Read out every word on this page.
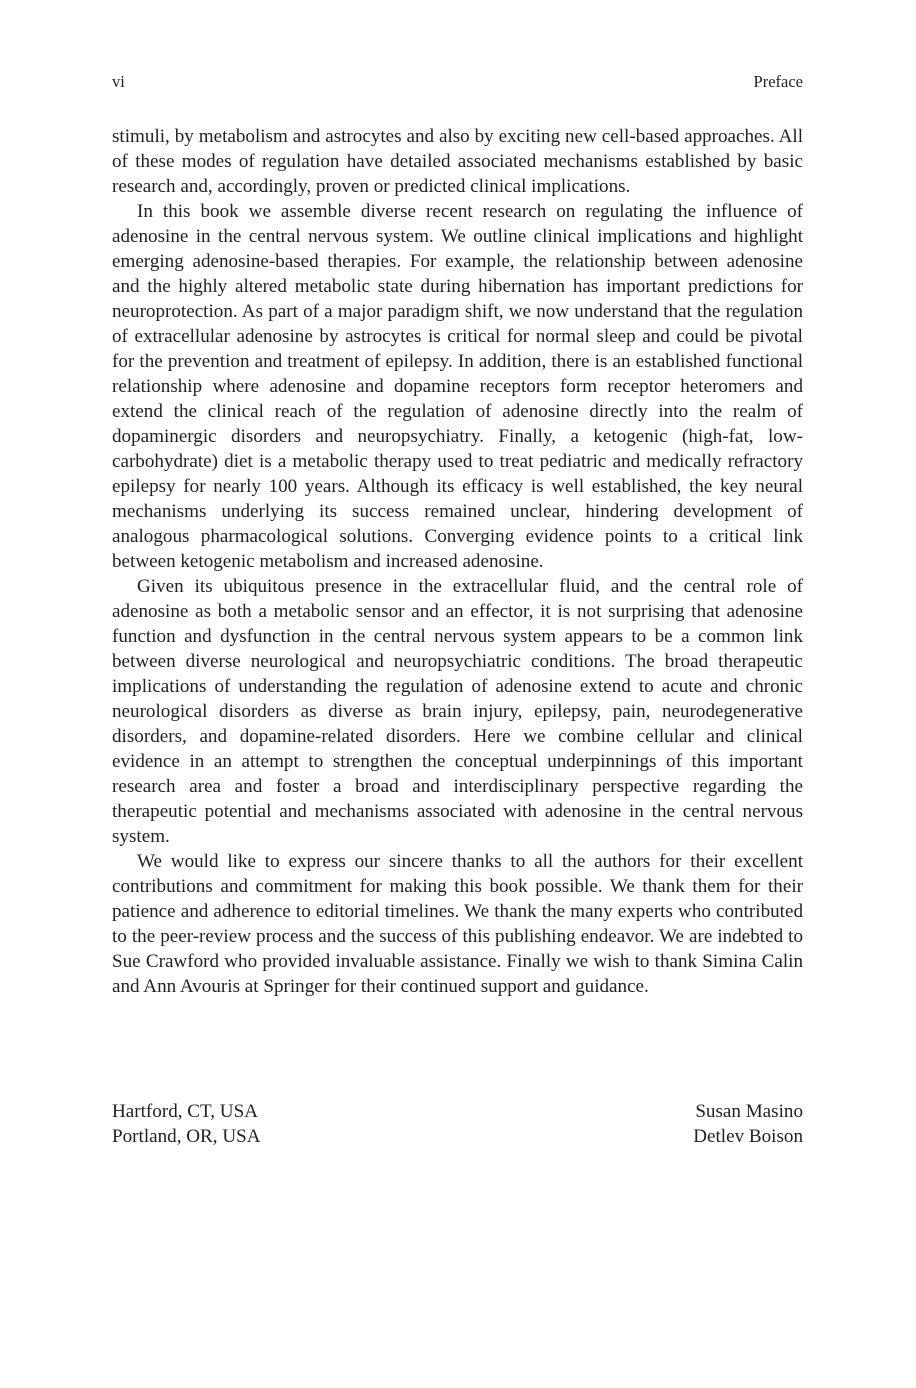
vi	Preface

stimuli, by metabolism and astrocytes and also by exciting new cell-based approaches. All of these modes of regulation have detailed associated mechanisms established by basic research and, accordingly, proven or predicted clinical implications.

In this book we assemble diverse recent research on regulating the influence of adenosine in the central nervous system. We outline clinical implications and highlight emerging adenosine-based therapies. For example, the relationship between adenosine and the highly altered metabolic state during hibernation has important predictions for neuroprotection. As part of a major paradigm shift, we now understand that the regulation of extracellular adenosine by astrocytes is critical for normal sleep and could be pivotal for the prevention and treatment of epilepsy. In addition, there is an established functional relationship where adenosine and dopamine receptors form receptor heteromers and extend the clinical reach of the regulation of adenosine directly into the realm of dopaminergic disorders and neuropsychiatry. Finally, a ketogenic (high-fat, low-carbohydrate) diet is a metabolic therapy used to treat pediatric and medically refractory epilepsy for nearly 100 years. Although its efficacy is well established, the key neural mechanisms underlying its success remained unclear, hindering development of analogous pharmacological solutions. Converging evidence points to a critical link between ketogenic metabolism and increased adenosine.

Given its ubiquitous presence in the extracellular fluid, and the central role of adenosine as both a metabolic sensor and an effector, it is not surprising that adenosine function and dysfunction in the central nervous system appears to be a common link between diverse neurological and neuropsychiatric conditions. The broad therapeutic implications of understanding the regulation of adenosine extend to acute and chronic neurological disorders as diverse as brain injury, epilepsy, pain, neurodegenerative disorders, and dopamine-related disorders. Here we combine cellular and clinical evidence in an attempt to strengthen the conceptual underpinnings of this important research area and foster a broad and interdisciplinary perspective regarding the therapeutic potential and mechanisms associated with adenosine in the central nervous system.

We would like to express our sincere thanks to all the authors for their excellent contributions and commitment for making this book possible. We thank them for their patience and adherence to editorial timelines. We thank the many experts who contributed to the peer-review process and the success of this publishing endeavor. We are indebted to Sue Crawford who provided invaluable assistance. Finally we wish to thank Simina Calin and Ann Avouris at Springer for their continued support and guidance.

Hartford, CT, USA	Susan Masino
Portland, OR, USA	Detlev Boison
